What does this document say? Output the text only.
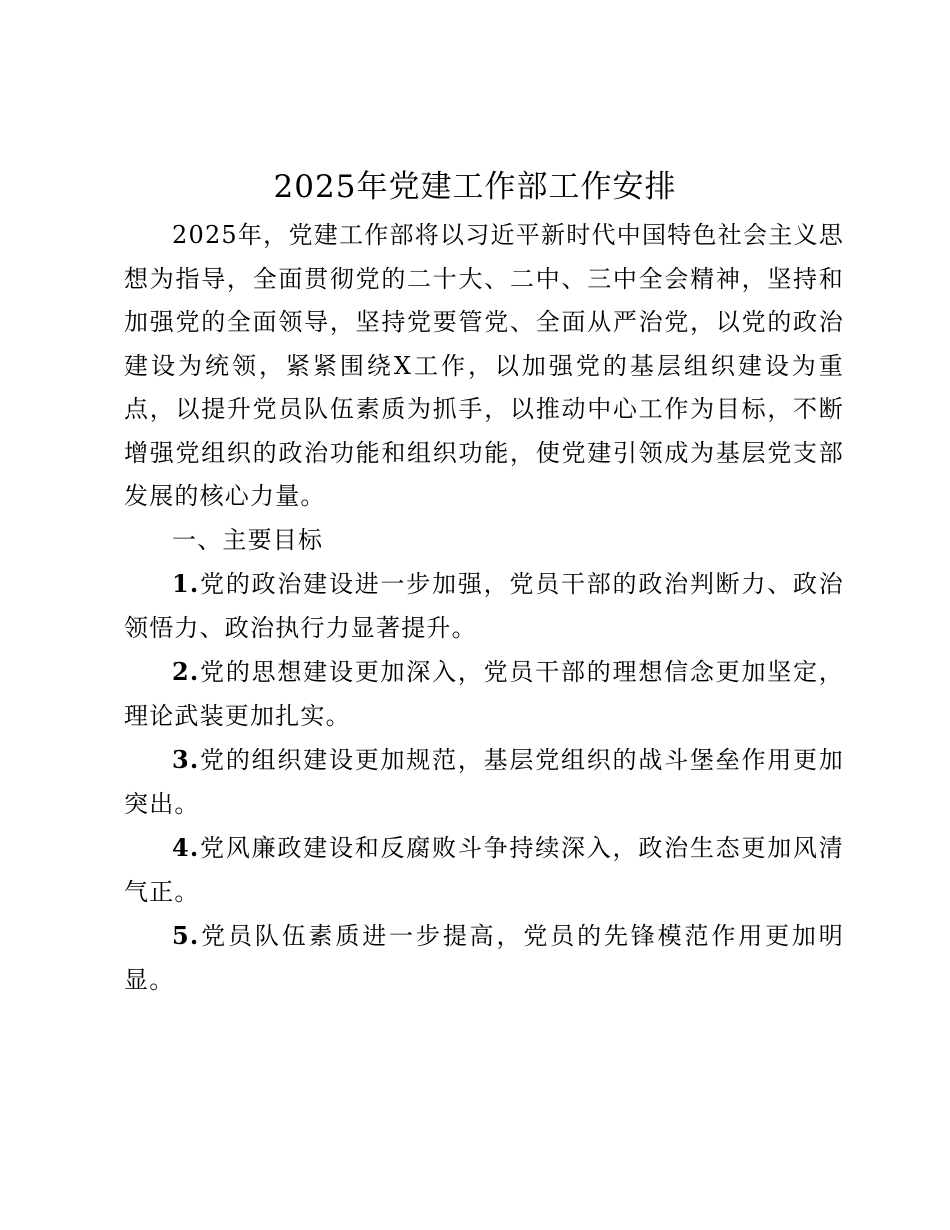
2025年党建工作部工作安排

2025年，党建工作部将以习近平新时代中国特色社会主义思想为指导，全面贯彻党的二十大、二中、三中全会精神，坚持和加强党的全面领导，坚持党要管党、全面从严治党，以党的政治建设为统领，紧紧围绕X工作，以加强党的基层组织建设为重点，以提升党员队伍素质为抓手，以推动中心工作为目标，不断增强党组织的政治功能和组织功能，使党建引领成为基层党支部发展的核心力量。

一、主要目标

1.党的政治建设进一步加强，党员干部的政治判断力、政治领悟力、政治执行力显著提升。

2.党的思想建设更加深入，党员干部的理想信念更加坚定，理论武装更加扎实。

3.党的组织建设更加规范，基层党组织的战斗堡垒作用更加突出。

4.党风廉政建设和反腐败斗争持续深入，政治生态更加风清气正。

5.党员队伍素质进一步提高，党员的先锋模范作用更加明显。
